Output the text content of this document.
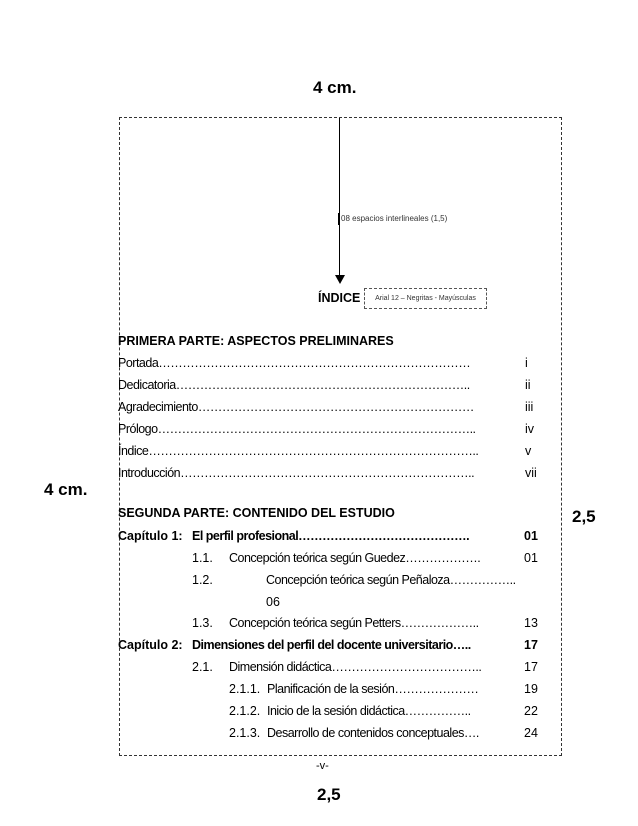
4 cm.
4 cm.
2,5
2,5
08 espacios interlineales (1,5)
ÍNDICE Arial 12 – Negritas - Mayúsculas
PRIMERA PARTE: ASPECTOS PRELIMINARES
Portada……………………………………………………………………	i
Dedicatoria………………………………………………………………..	ii
Agradecimiento……………………………………………………………	iii
Prólogo……………………………………………………………………..	iv
Índice………………………………………………………………………..	v
Introducción………………………………………………………………..	vii
SEGUNDA PARTE: CONTENIDO DEL ESTUDIO
Capítulo 1: El perfil profesional…………………………………….	01
1.1. Concepción teórica según Guedez……………….	01
1.2.	Concepción teórica según Peñaloza……………..
06
1.3. Concepción teórica según Petters………………..	13
Capítulo 2: Dimensiones del perfil del docente universitario…..	17
2.1. Dimensión didáctica………………………………..	17
2.1.1. Planificación de la sesión…………………	19
2.1.2. Inicio de la sesión didáctica……………..	22
2.1.3. Desarrollo de contenidos conceptuales….	24
-v-
